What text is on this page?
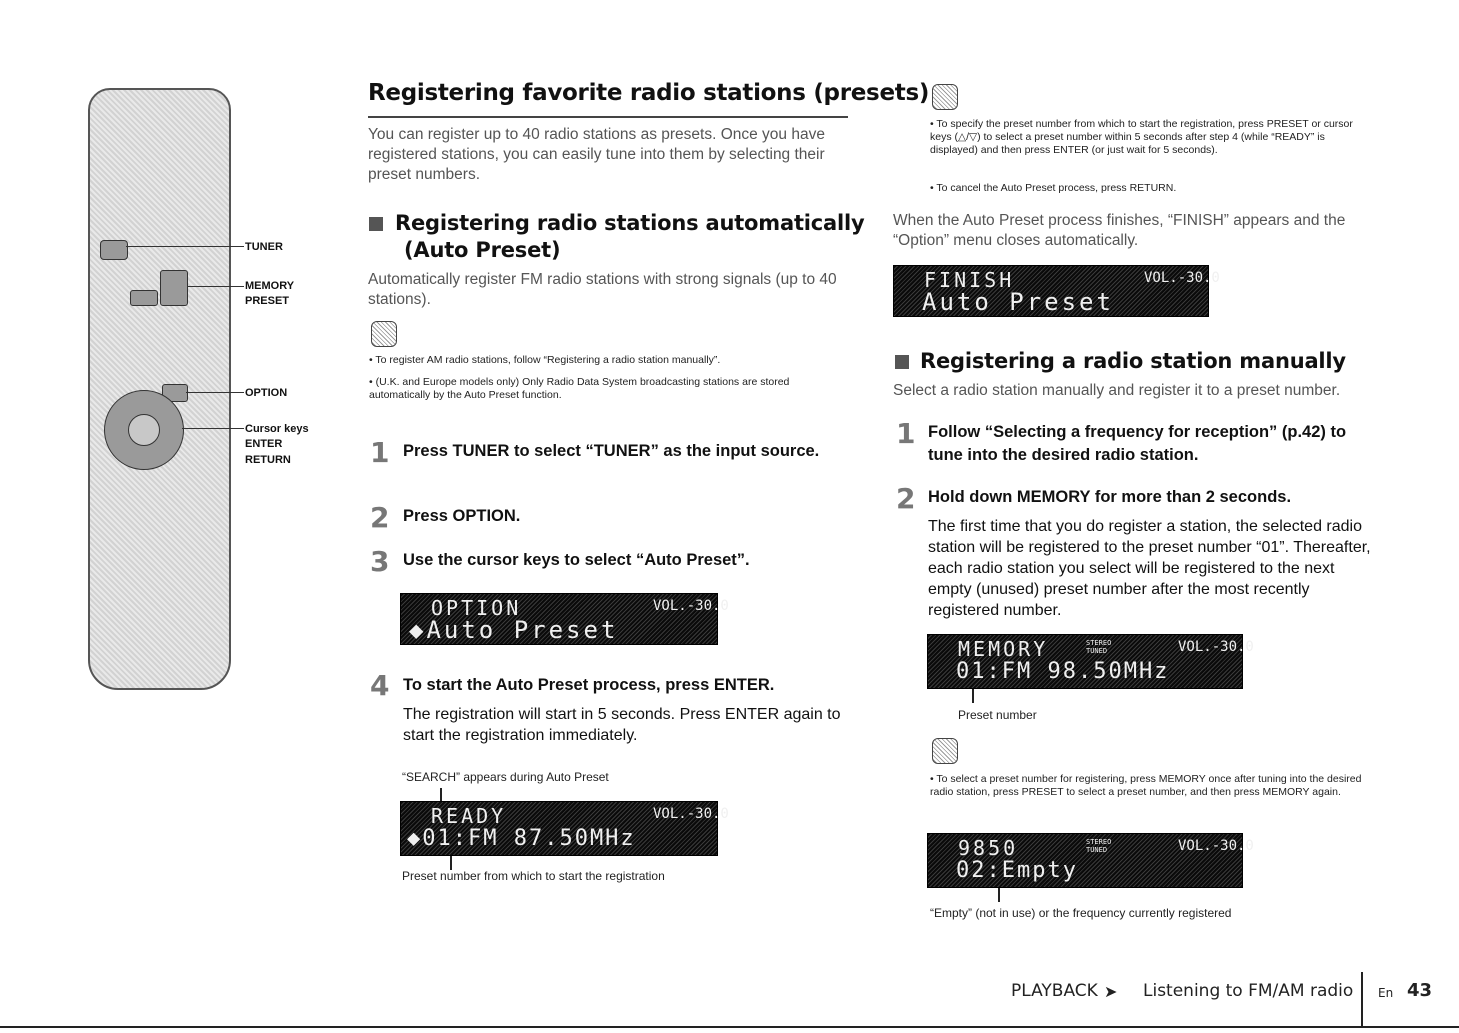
TUNER
MEMORY
PRESET
OPTION
Cursor keys
ENTER
RETURN
Registering favorite radio stations (presets)
You can register up to 40 radio stations as presets. Once you have registered stations, you can easily tune into them by selecting their preset numbers.
Registering radio stations automatically
(Auto Preset)
Automatically register FM radio stations with strong signals (up to 40 stations).
• To register AM radio stations, follow “Registering a radio station manually”.
• (U.K. and Europe models only) Only Radio Data System broadcasting stations are stored automatically by the Auto Preset function.
1 Press TUNER to select “TUNER” as the input source.
2 Press OPTION.
3 Use the cursor keys to select “Auto Preset”.
OPTION	VOL.-30.0
◆Auto Preset
4 To start the Auto Preset process, press ENTER.
The registration will start in 5 seconds. Press ENTER again to start the registration immediately.
“SEARCH” appears during Auto Preset
READY	VOL.-30.0
◆01:FM 87.50MHz
Preset number from which to start the registration
• To specify the preset number from which to start the registration, press PRESET or cursor keys (△/▽) to select a preset number within 5 seconds after step 4 (while “READY” is displayed) and then press ENTER (or just wait for 5 seconds).
• To cancel the Auto Preset process, press RETURN.
When the Auto Preset process finishes, “FINISH” appears and the “Option” menu closes automatically.
FINISH	VOL.-30.0
Auto Preset
Registering a radio station manually
Select a radio station manually and register it to a preset number.
1 Follow “Selecting a frequency for reception” (p.42) to tune into the desired radio station.
2 Hold down MEMORY for more than 2 seconds.
The first time that you do register a station, the selected radio station will be registered to the preset number “01”. Thereafter, each radio station you select will be registered to the next empty (unused) preset number after the most recently registered number.
MEMORY	STEREO
TUNED	VOL.-30.0
01:FM 98.50MHz
Preset number
• To select a preset number for registering, press MEMORY once after tuning into the desired radio station, press PRESET to select a preset number, and then press MEMORY again.
9850	STEREO
TUNED	VOL.-30.0
02:Empty
“Empty” (not in use) or the frequency currently registered
PLAYBACK ➤ Listening to FM/AM radio En 43
